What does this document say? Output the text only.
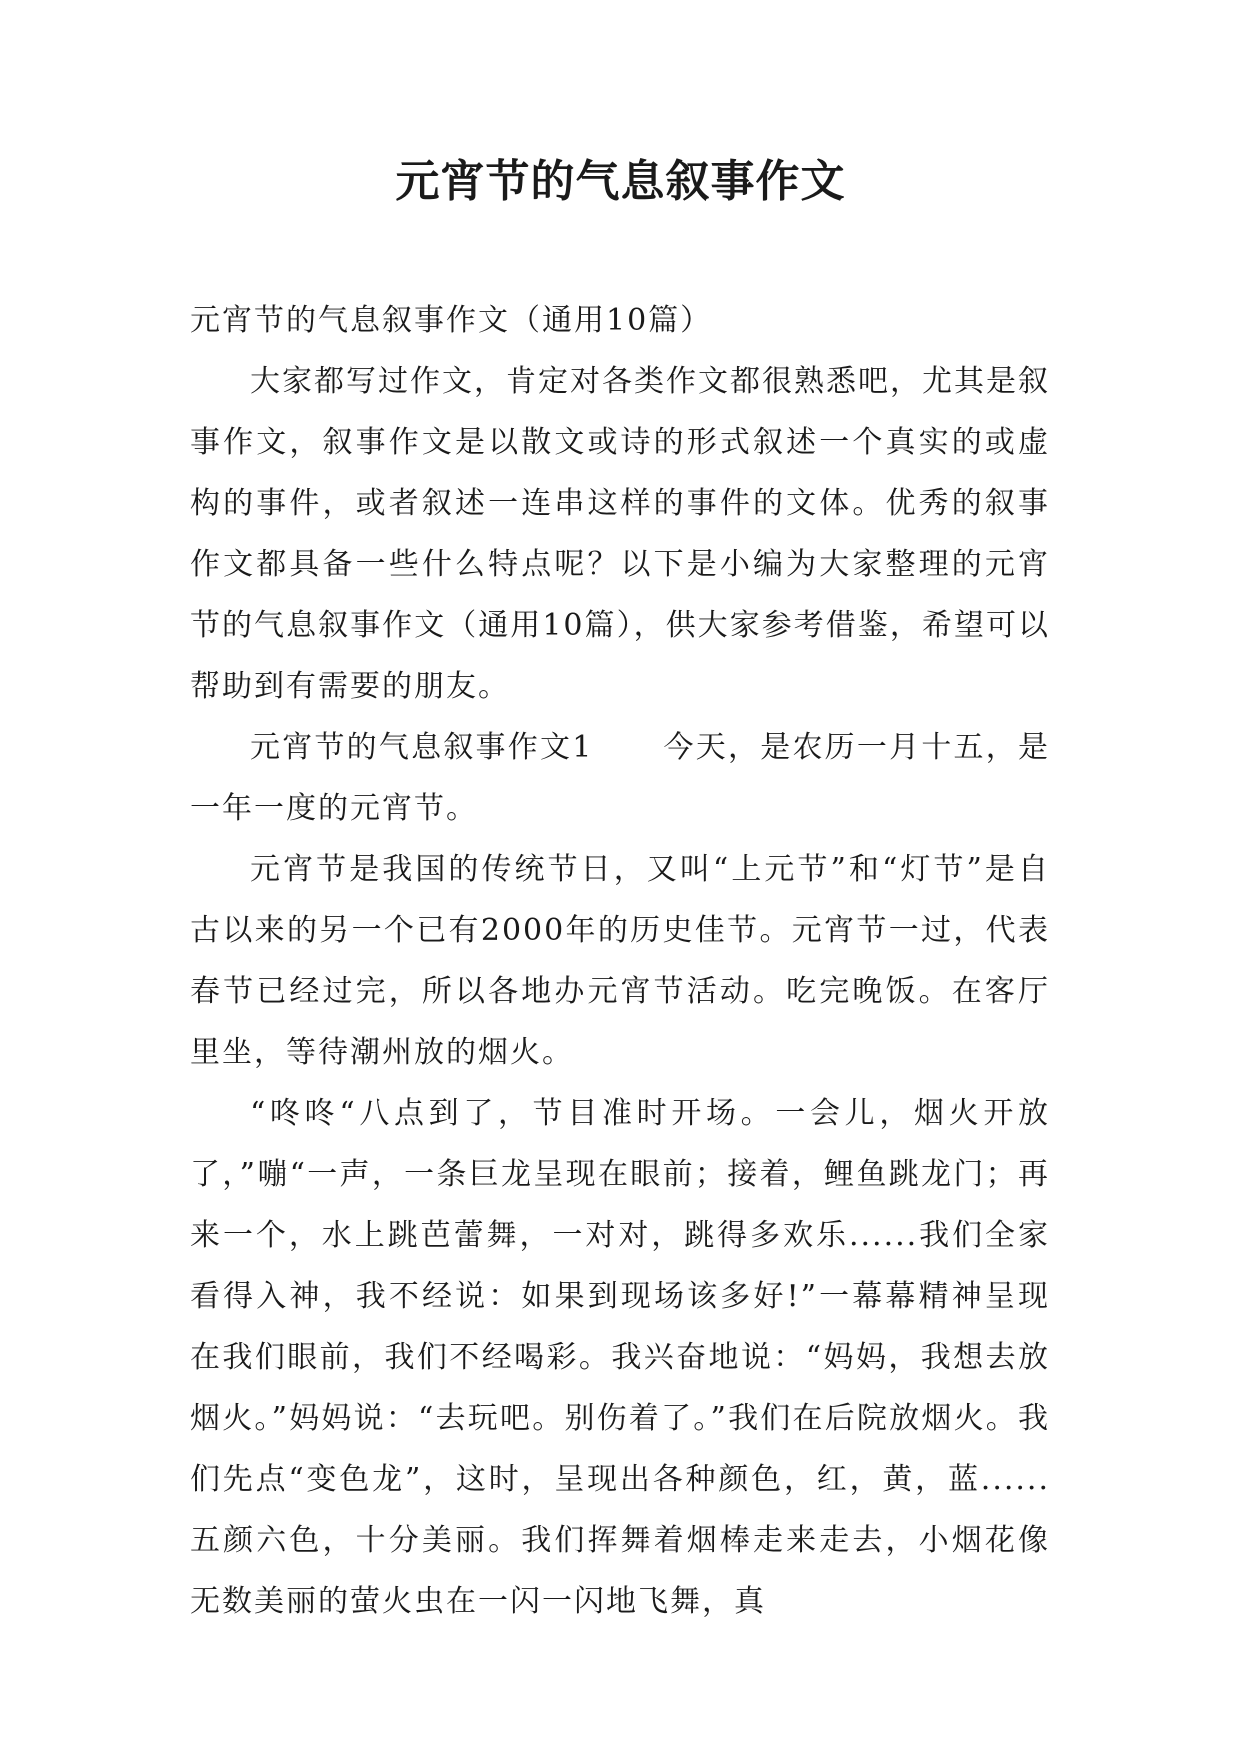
元宵节的气息叙事作文

元宵节的气息叙事作文（通用10篇）

大家都写过作文，肯定对各类作文都很熟悉吧，尤其是叙事作文，叙事作文是以散文或诗的形式叙述一个真实的或虚构的事件，或者叙述一连串这样的事件的文体。优秀的叙事作文都具备一些什么特点呢？以下是小编为大家整理的元宵节的气息叙事作文（通用10篇），供大家参考借鉴，希望可以帮助到有需要的朋友。

元宵节的气息叙事作文1 今天，是农历一月十五，是一年一度的元宵节。

元宵节是我国的传统节日，又叫“上元节”和“灯节”是自古以来的另一个已有2000年的历史佳节。元宵节一过，代表春节已经过完，所以各地办元宵节活动。吃完晚饭。在客厅里坐，等待潮州放的烟火。

“咚咚“八点到了，节目准时开场。一会儿，烟火开放了，”嘣“一声，一条巨龙呈现在眼前；接着，鲤鱼跳龙门；再来一个，水上跳芭蕾舞，一对对，跳得多欢乐......我们全家看得入神，我不经说：如果到现场该多好!”一幕幕精神呈现在我们眼前，我们不经喝彩。我兴奋地说：“妈妈，我想去放烟火。”妈妈说：“去玩吧。别伤着了。”我们在后院放烟火。我们先点“变色龙”，这时，呈现出各种颜色，红，黄，蓝......五颜六色，十分美丽。我们挥舞着烟棒走来走去，小烟花像无数美丽的萤火虫在一闪一闪地飞舞，真
